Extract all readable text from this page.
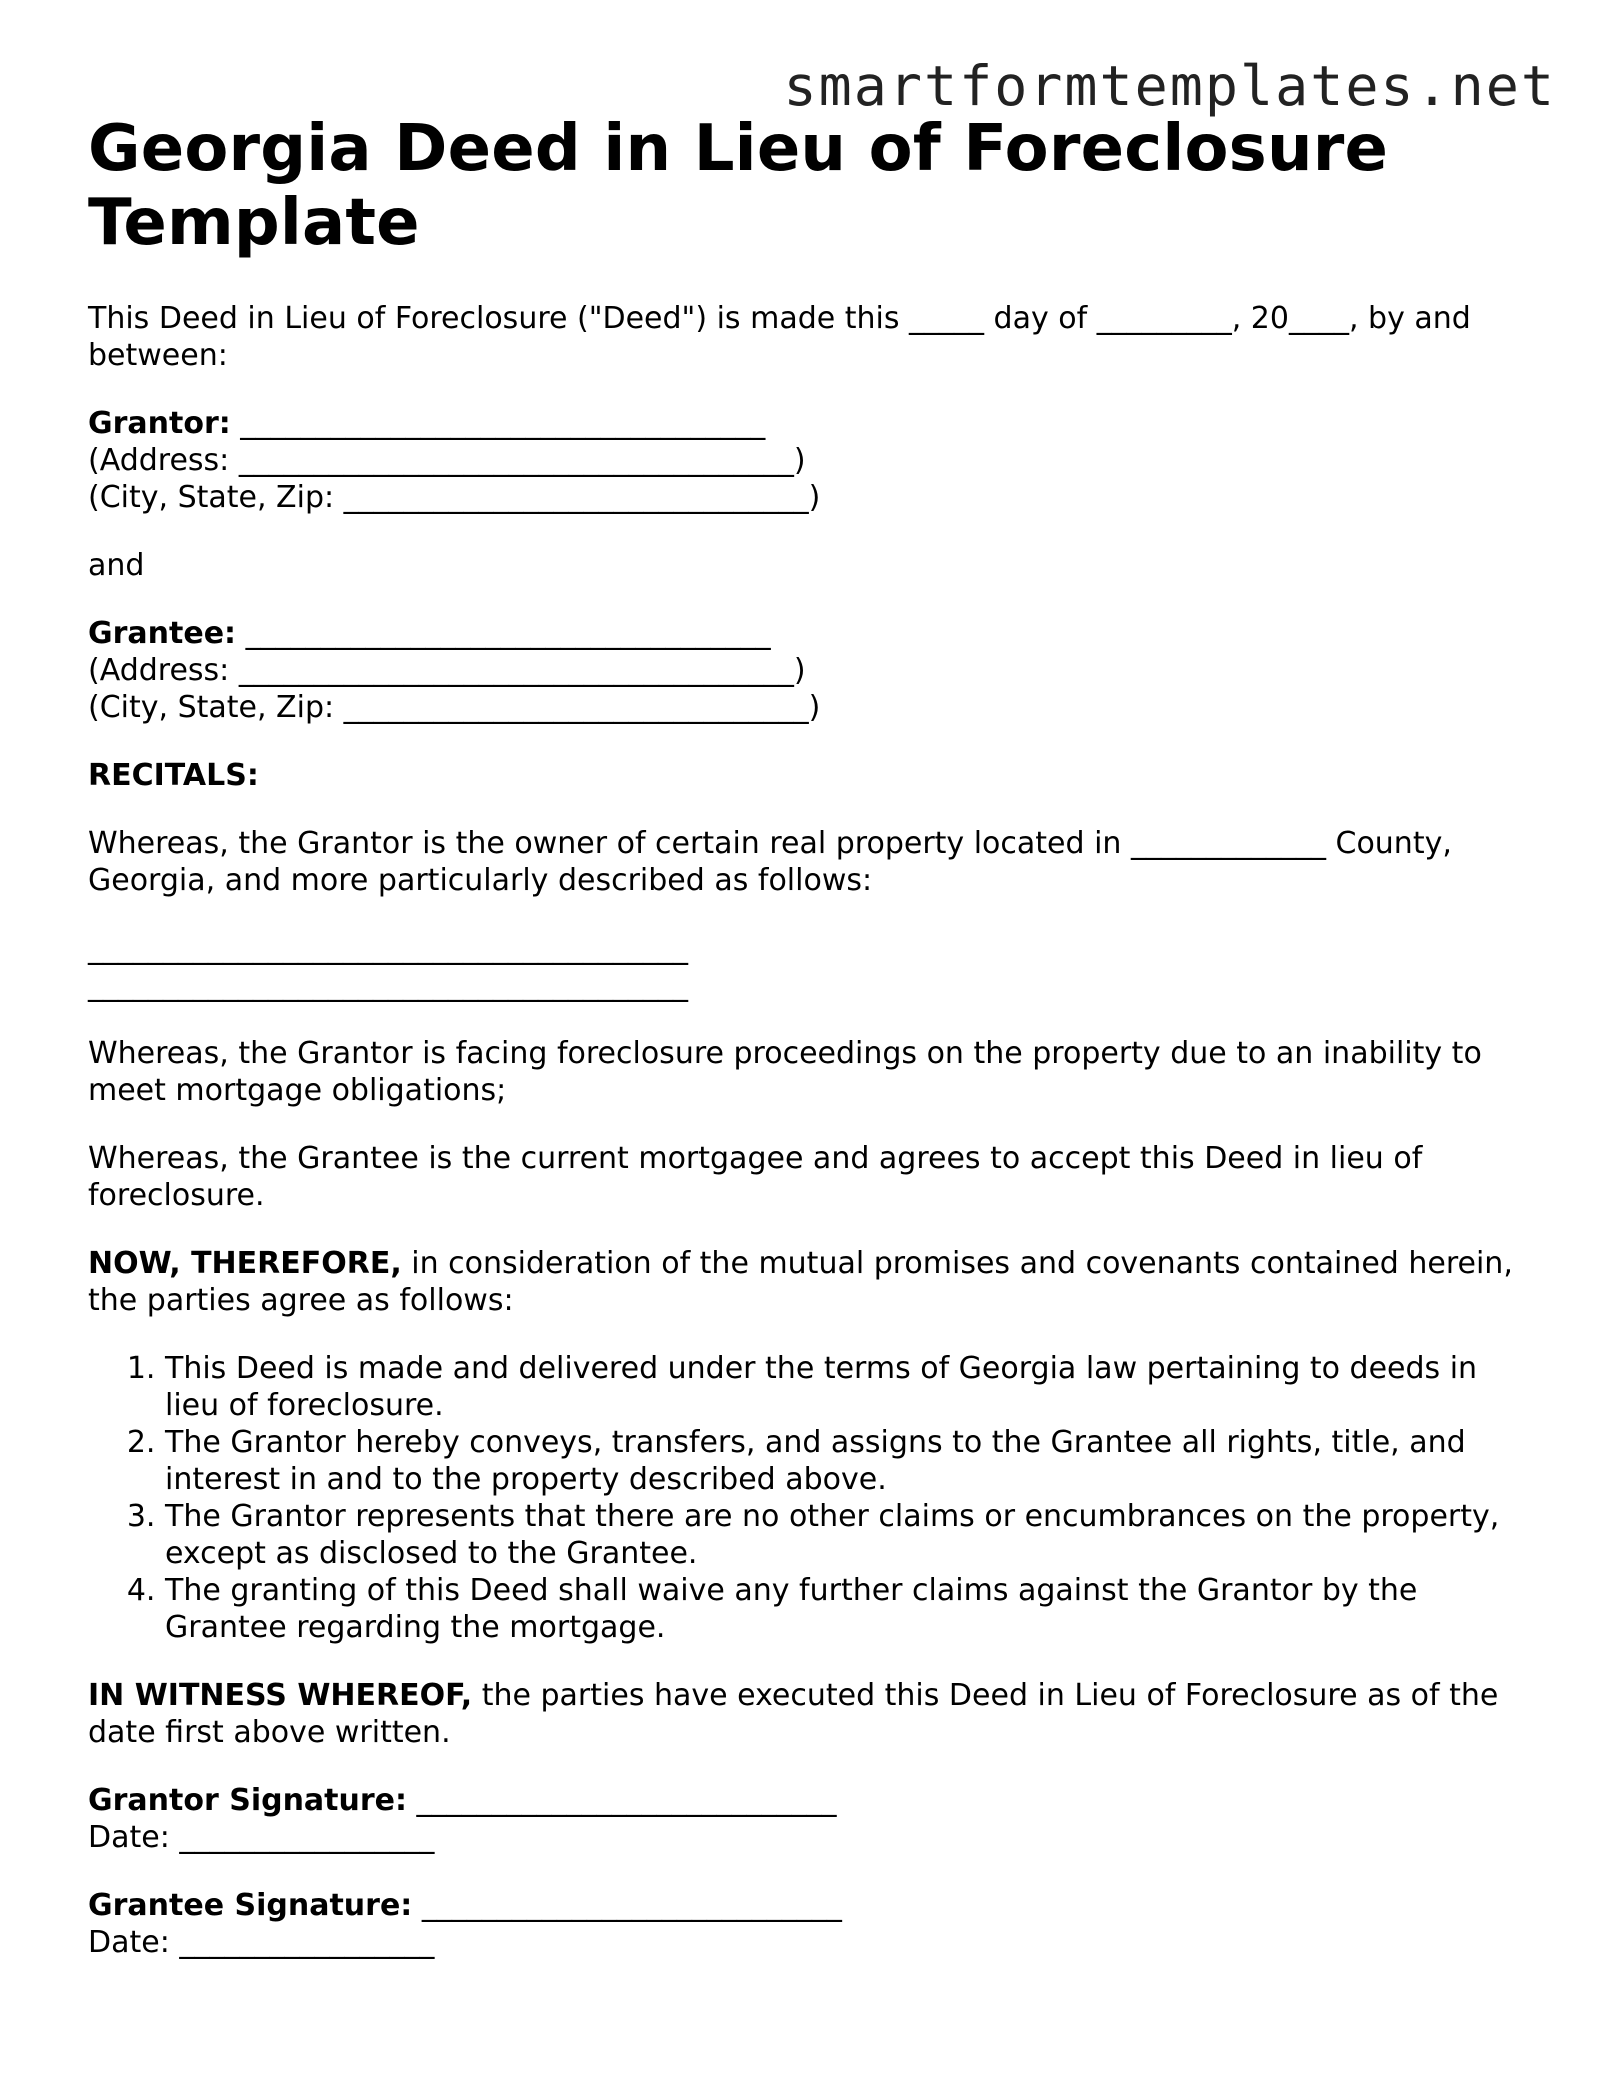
smartformtemplates.net
Georgia Deed in Lieu of Foreclosure Template

This Deed in Lieu of Foreclosure ("Deed") is made this _____ day of _________, 20____, by and between:

Grantor: ___________________________________
(Address: _____________________________________)
(City, State, Zip: _______________________________)

and

Grantee: ___________________________________
(Address: _____________________________________)
(City, State, Zip: _______________________________)

RECITALS:

Whereas, the Grantor is the owner of certain real property located in _____________ County, Georgia, and more particularly described as follows:

________________________________________
________________________________________

Whereas, the Grantor is facing foreclosure proceedings on the property due to an inability to meet mortgage obligations;

Whereas, the Grantee is the current mortgagee and agrees to accept this Deed in lieu of foreclosure.

NOW, THEREFORE, in consideration of the mutual promises and covenants contained herein, the parties agree as follows:

1. This Deed is made and delivered under the terms of Georgia law pertaining to deeds in lieu of foreclosure.
2. The Grantor hereby conveys, transfers, and assigns to the Grantee all rights, title, and interest in and to the property described above.
3. The Grantor represents that there are no other claims or encumbrances on the property, except as disclosed to the Grantee.
4. The granting of this Deed shall waive any further claims against the Grantor by the Grantee regarding the mortgage.

IN WITNESS WHEREOF, the parties have executed this Deed in Lieu of Foreclosure as of the date first above written.

Grantor Signature: ____________________________
Date: _________________
Grantee Signature: ____________________________
Date: _________________
